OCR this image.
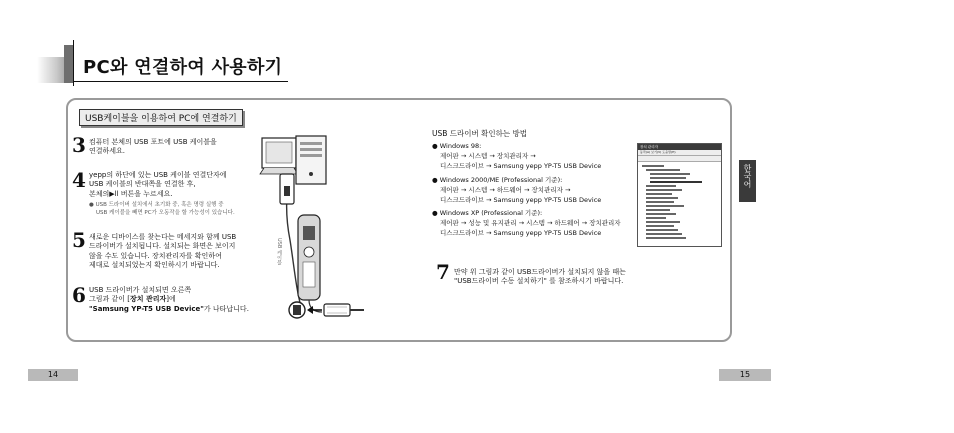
PC와 연결하여 사용하기
USB케이블을 이용하여 PC에 연결하기
3 컴퓨터 본체의 USB 포트에 USB 케이블을
연결하세요.
4 yepp의 하단에 있는 USB 케이블 연결단자에
USB 케이블의 반대쪽을 연결한 후,
본체의▶ll 버튼을 누르세요.
● USB 드라이버 설치에서 초기화 중, 혹은 명령 실행 중
USB 케이블을 빼면 PC가 오동작을 할 가능성이 있습니다.
5 새로운 디바이스를 찾는다는 메세지와 함께 USB
드라이버가 설치됩니다. 설치되는 화면은 보이지
않을 수도 있습니다. 장치관리자를 확인하여
제대로 설치되었는지 확인하시기 바랍니다.
6 USB 드라이버가 설치되면 오른쪽
그림과 같이 [장치 관리자]에
"Samsung YP-T5 USB Device"가 나타납니다.
USB 케이블
USB 드라이버 확인하는 방법
● Windows 98:
제어판 → 시스템 → 장치관리자 →
디스크드라이브 → Samsung yepp YP-T5 USB Device
● Windows 2000/ME (Professional 기준):
제어판 → 시스템 → 하드웨어 → 장치관리자 →
디스크드라이브 → Samsung yepp YP-T5 USB Device
● Windows XP (Professional 기준):
제어판 → 성능 및 유지관리 → 시스템 → 하드웨어 → 장치관리자
디스크드라이브 → Samsung yepp YP-T5 USB Device
7 만약 위 그림과 같이 USB드라이버가 설치되지 않을 때는
"USB드라이버 수동 설치하기" 를 참조하시기 바랍니다.
장치 관리자
동작(A) 보기(V) 도움말(H)
한국어
14	15
